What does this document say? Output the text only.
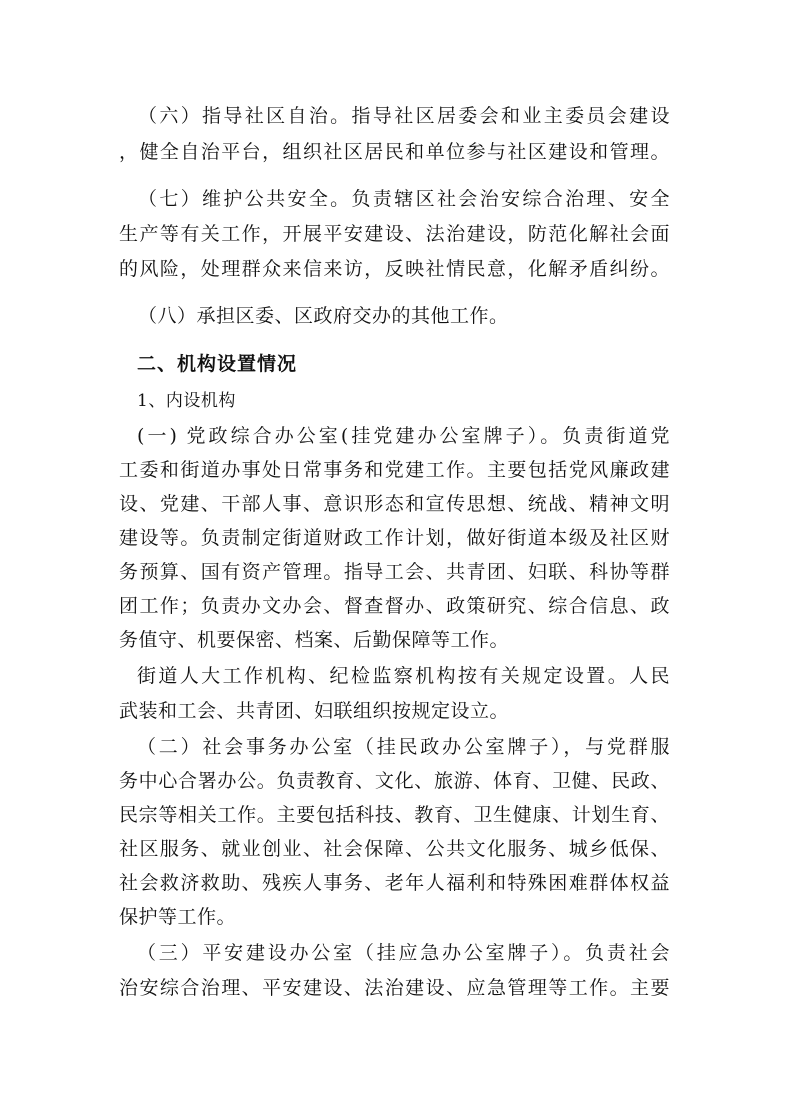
（六）指导社区自治。指导社区居委会和业主委员会建设
，健全自治平台，组织社区居民和单位参与社区建设和管理。
（七）维护公共安全。负责辖区社会治安综合治理、安全
生产等有关工作，开展平安建设、法治建设，防范化解社会面
的风险，处理群众来信来访，反映社情民意，化解矛盾纠纷。
（八）承担区委、区政府交办的其他工作。
二、机构设置情况
1、内设机构
(一) 党政综合办公室(挂党建办公室牌子）。负责街道党
工委和街道办事处日常事务和党建工作。主要包括党风廉政建
设、党建、干部人事、意识形态和宣传思想、统战、精神文明
建设等。负责制定街道财政工作计划，做好街道本级及社区财
务预算、国有资产管理。指导工会、共青团、妇联、科协等群
团工作；负责办文办会、督查督办、政策研究、综合信息、政
务值守、机要保密、档案、后勤保障等工作。
街道人大工作机构、纪检监察机构按有关规定设置。人民
武装和工会、共青团、妇联组织按规定设立。
（二）社会事务办公室（挂民政办公室牌子），与党群服
务中心合署办公。负责教育、文化、旅游、体育、卫健、民政、
民宗等相关工作。主要包括科技、教育、卫生健康、计划生育、
社区服务、就业创业、社会保障、公共文化服务、城乡低保、
社会救济救助、残疾人事务、老年人福利和特殊困难群体权益
保护等工作。
（三）平安建设办公室（挂应急办公室牌子）。负责社会
治安综合治理、平安建设、法治建设、应急管理等工作。主要
